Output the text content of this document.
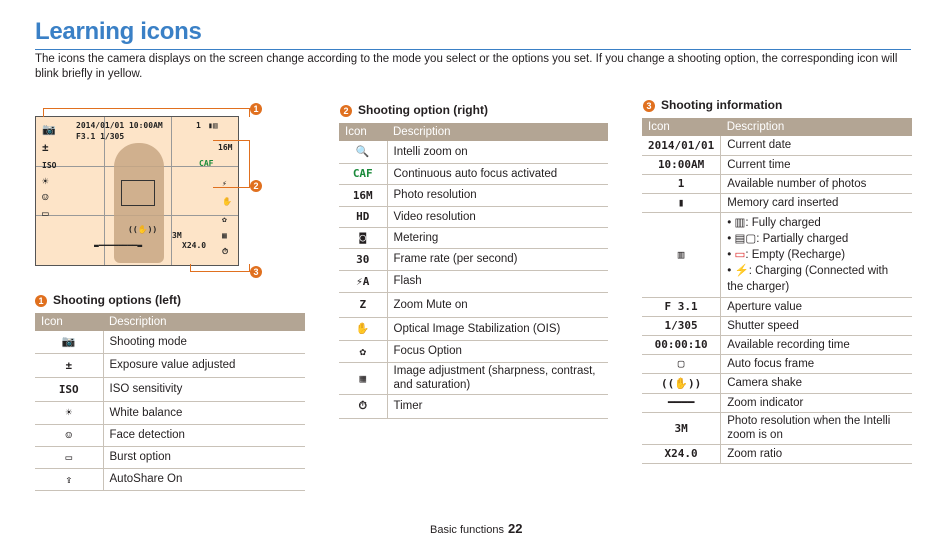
Learning icons
The icons the camera displays on the screen change according to the mode you select or the options you set. If you change a shooting option, the corresponding icon will blink briefly in yellow.
2014/01/01 10:00AM
F3.1 1/305
1 ▮▥
16M
CAF
📷
±
ISO
☀
☺
▭
⚡
✋
✿
▦
⏱
((✋))
3M
▬━━━━━━━━▬	X24.0
1
2
3
1 Shooting options (left)
Icon	Description
📷	Shooting mode
±	Exposure value adjusted
ISO	ISO sensitivity
☀	White balance
☺	Face detection
▭	Burst option
⇪	AutoShare On
2 Shooting option (right)
Icon	Description
🔍	Intelli zoom on
CAF	Continuous auto focus activated
16M	Photo resolution
HD	Video resolution
◙	Metering
30	Frame rate (per second)
⚡A	Flash
Z	Zoom Mute on
✋	Optical Image Stabilization (OIS)
✿	Focus Option
▦	Image adjustment (sharpness, contrast, and saturation)
⏱	Timer
3 Shooting information
Icon	Description
2014/01/01	Current date
10:00AM	Current time
1	Available number of photos
▮	Memory card inserted
▥	• ▥: Fully charged
• ▤▢: Partially charged
• ▭: Empty (Recharge)
• ⚡: Charging (Connected with the charger)

F 3.1	Aperture value
1/305	Shutter speed
00:00:10	Available recording time
▢	Auto focus frame
((✋))	Camera shake
━━━━	Zoom indicator
3M	Photo resolution when the Intelli zoom is on
X24.0	Zoom ratio
Basic functions 22
